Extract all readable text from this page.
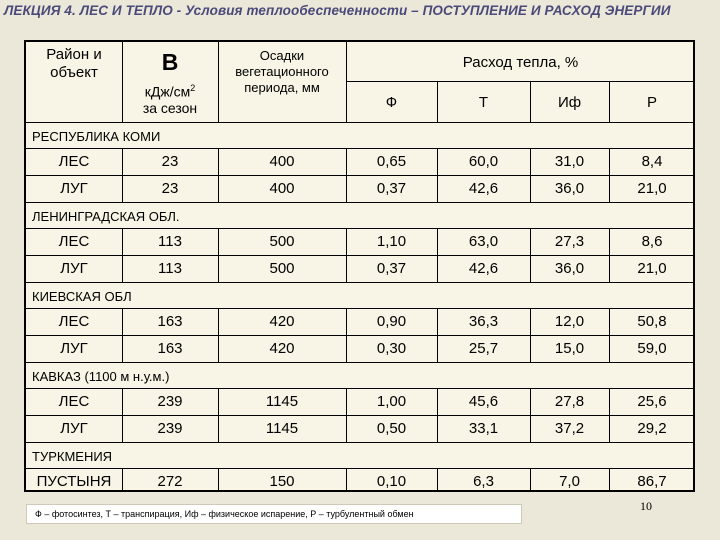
ЛЕКЦИЯ 4. ЛЕС И ТЕПЛО - Условия теплообеспеченности – ПОСТУПЛЕНИЕ И РАСХОД ЭНЕРГИИ
Район и объект	В
кДж/$см^2$
за сезон
Осадки вегетационного периода, мм
Расход тепла, %
Ф	Т	Иф	Р
РЕСПУБЛИКА КОМИ
ЛЕС	23	400	0,65	60,0	31,0	8,4
ЛУГ	23	400	0,37	42,6	36,0	21,0
ЛЕНИНГРАДСКАЯ ОБЛ.
ЛЕС	113	500	1,10	63,0	27,3	8,6
ЛУГ	113	500	0,37	42,6	36,0	21,0
КИЕВСКАЯ ОБЛ
ЛЕС	163	420	0,90	36,3	12,0	50,8
ЛУГ	163	420	0,30	25,7	15,0	59,0
КАВКАЗ (1100 м н.у.м.)
ЛЕС	239	1145	1,00	45,6	27,8	25,6
ЛУГ	239	1145	0,50	33,1	37,2	29,2
ТУРКМЕНИЯ
ПУСТЫНЯ	272	150	0,10	6,3	7,0	86,7
Ф – фотосинтез, Т – транспирация, Иф – физическое испарение, Р – турбулентный обмен
10
